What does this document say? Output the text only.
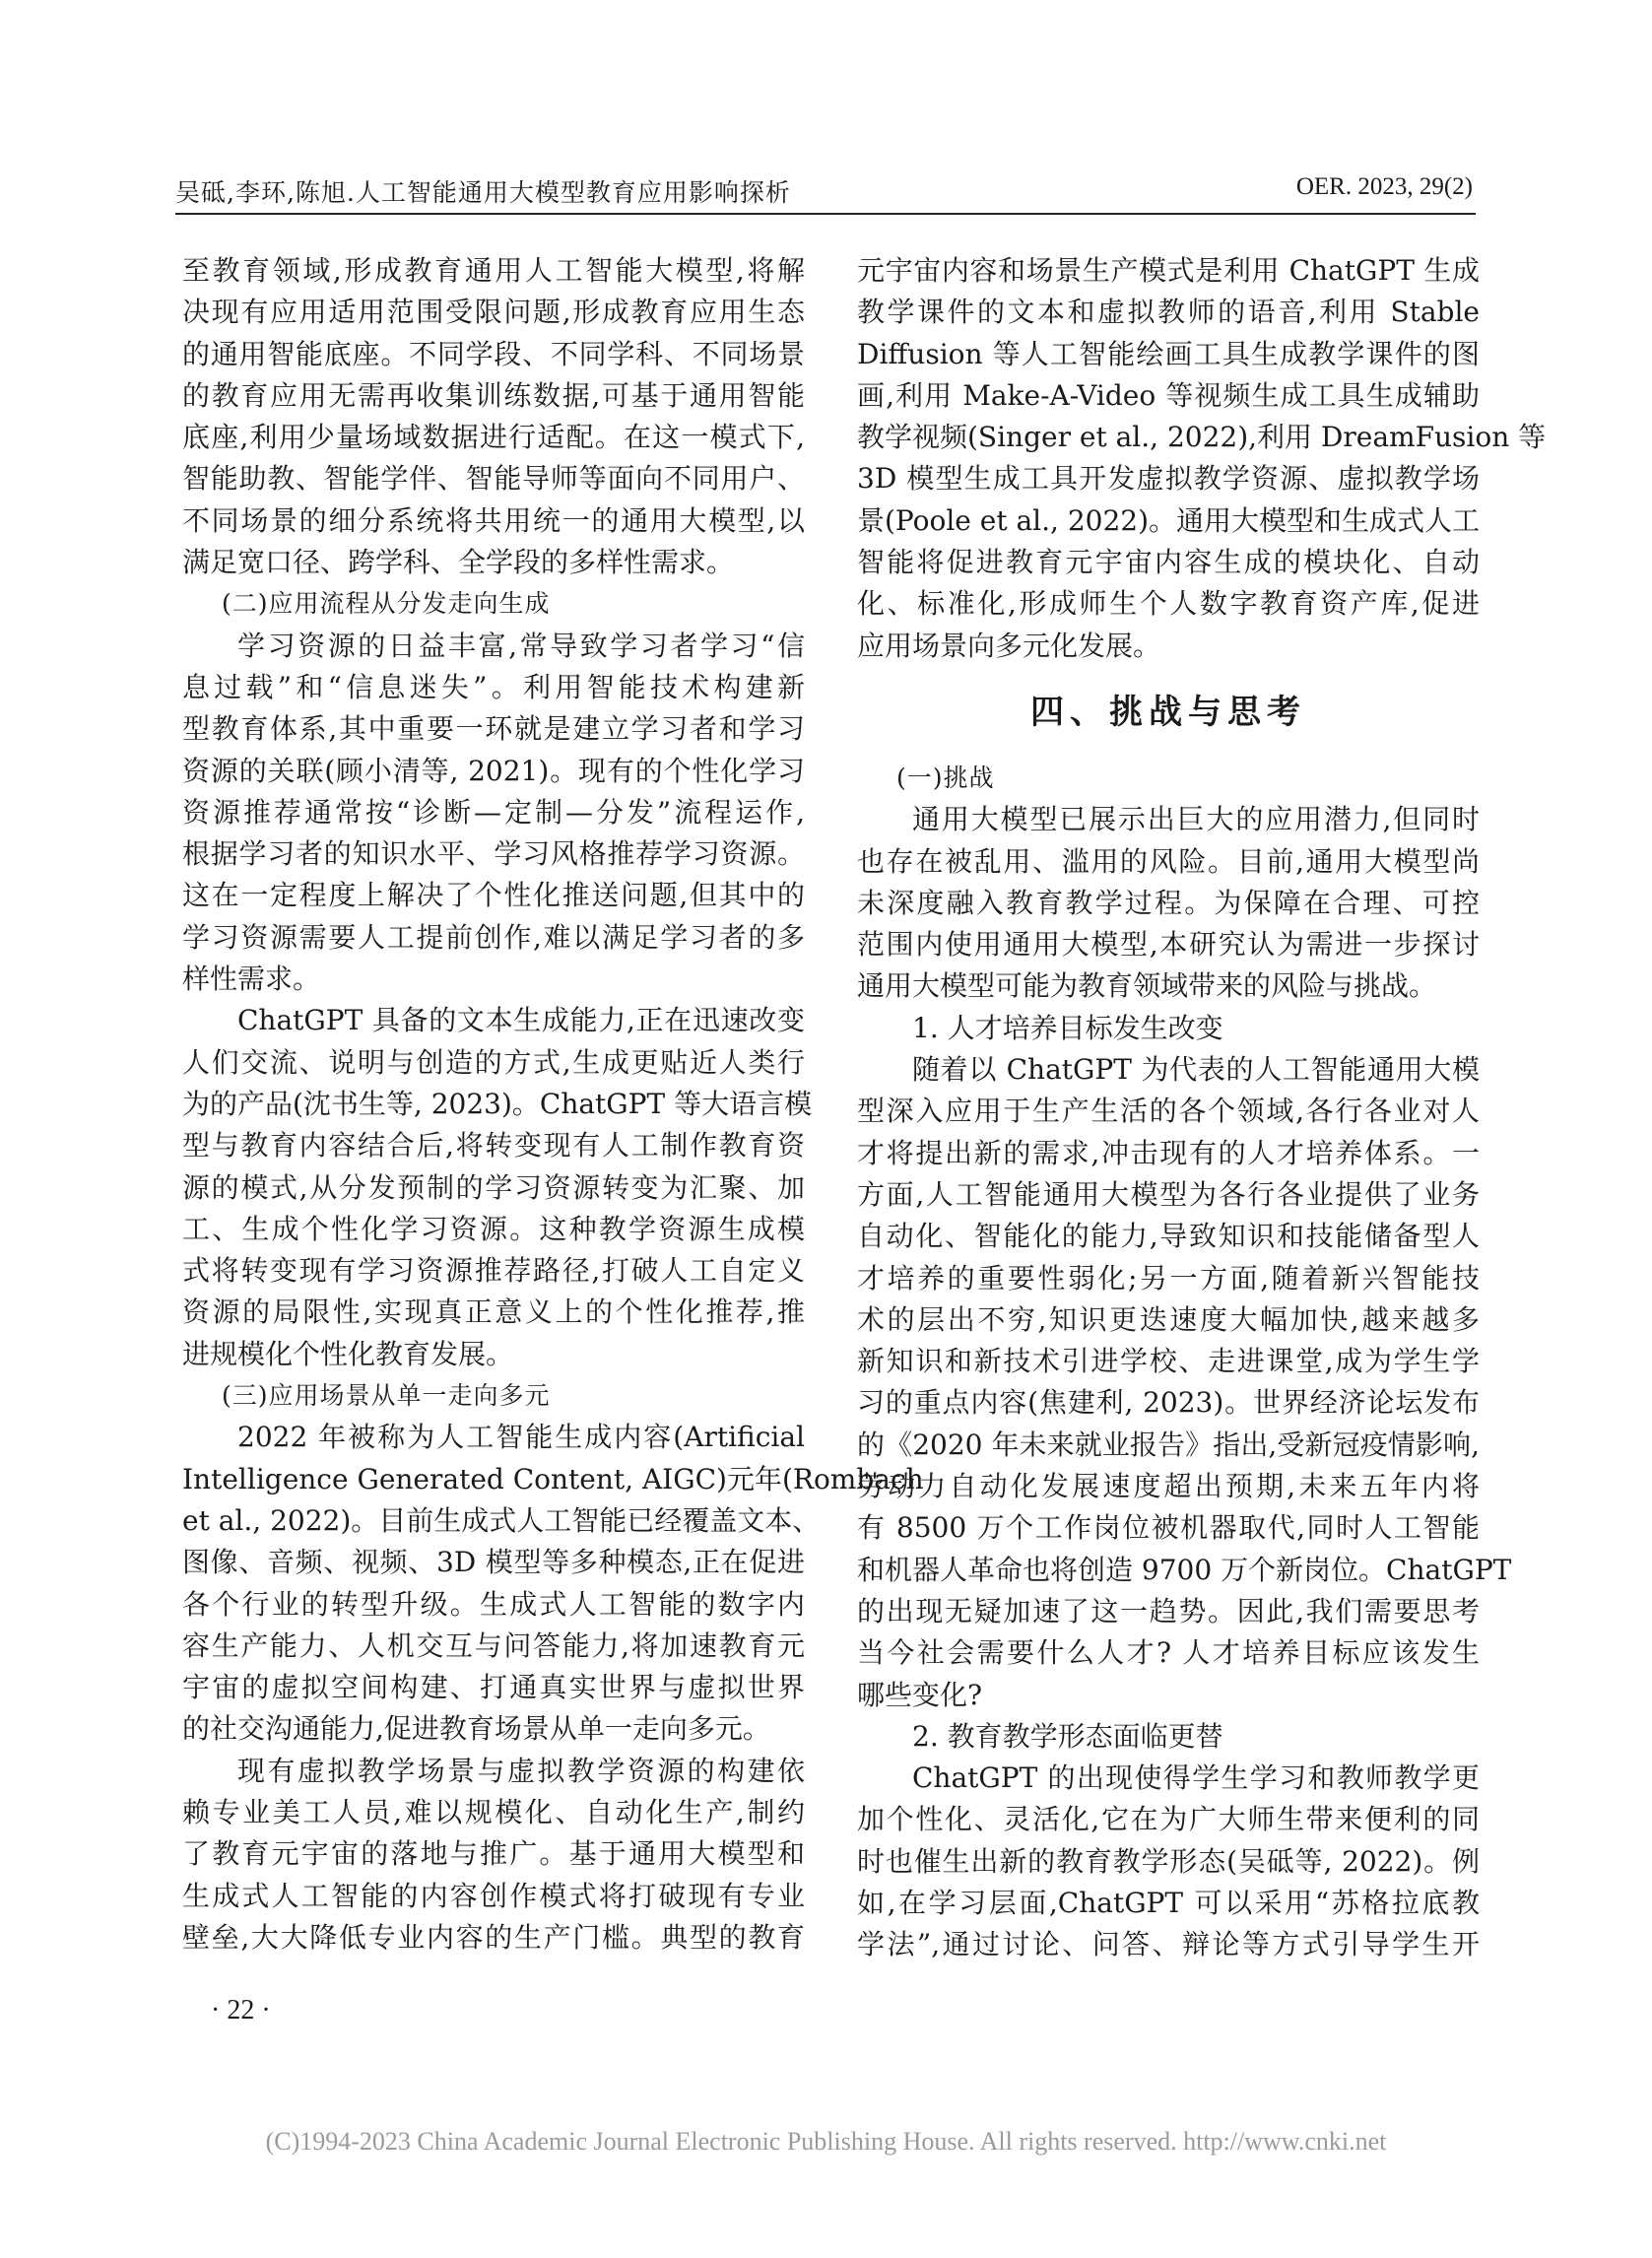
吴砥,李环,陈旭.人工智能通用大模型教育应用影响探析	OER. 2023, 29(2)
至教育领域,形成教育通用人工智能大模型,将解
决现有应用适用范围受限问题,形成教育应用生态
的通用智能底座。不同学段、不同学科、不同场景
的教育应用无需再收集训练数据,可基于通用智能
底座,利用少量场域数据进行适配。在这一模式下,
智能助教、智能学伴、智能导师等面向不同用户、
不同场景的细分系统将共用统一的通用大模型,以
满足宽口径、跨学科、全学段的多样性需求。
(二)应用流程从分发走向生成
学习资源的日益丰富,常导致学习者学习“信
息过载”和“信息迷失”。利用智能技术构建新
型教育体系,其中重要一环就是建立学习者和学习
资源的关联(顾小清等, 2021)。现有的个性化学习
资源推荐通常按“诊断—定制—分发”流程运作,
根据学习者的知识水平、学习风格推荐学习资源。
这在一定程度上解决了个性化推送问题,但其中的
学习资源需要人工提前创作,难以满足学习者的多
样性需求。
ChatGPT 具备的文本生成能力,正在迅速改变
人们交流、说明与创造的方式,生成更贴近人类行
为的产品(沈书生等, 2023)。ChatGPT 等大语言模
型与教育内容结合后,将转变现有人工制作教育资
源的模式,从分发预制的学习资源转变为汇聚、加
工、生成个性化学习资源。这种教学资源生成模
式将转变现有学习资源推荐路径,打破人工自定义
资源的局限性,实现真正意义上的个性化推荐,推
进规模化个性化教育发展。
(三)应用场景从单一走向多元
2022 年被称为人工智能生成内容(Artificial
Intelligence Generated Content, AIGC)元年(Rombach
et al., 2022)。目前生成式人工智能已经覆盖文本、
图像、音频、视频、3D 模型等多种模态,正在促进
各个行业的转型升级。生成式人工智能的数字内
容生产能力、人机交互与问答能力,将加速教育元
宇宙的虚拟空间构建、打通真实世界与虚拟世界
的社交沟通能力,促进教育场景从单一走向多元。
现有虚拟教学场景与虚拟教学资源的构建依
赖专业美工人员,难以规模化、自动化生产,制约
了教育元宇宙的落地与推广。基于通用大模型和
生成式人工智能的内容创作模式将打破现有专业
壁垒,大大降低专业内容的生产门槛。典型的教育
元宇宙内容和场景生产模式是利用 ChatGPT 生成
教学课件的文本和虚拟教师的语音,利用 Stable
Diffusion 等人工智能绘画工具生成教学课件的图
画,利用 Make-A-Video 等视频生成工具生成辅助
教学视频(Singer et al., 2022),利用 DreamFusion 等
3D 模型生成工具开发虚拟教学资源、虚拟教学场
景(Poole et al., 2022)。通用大模型和生成式人工
智能将促进教育元宇宙内容生成的模块化、自动
化、标准化,形成师生个人数字教育资产库,促进
应用场景向多元化发展。
四、挑战与思考
(一)挑战
通用大模型已展示出巨大的应用潜力,但同时
也存在被乱用、滥用的风险。目前,通用大模型尚
未深度融入教育教学过程。为保障在合理、可控
范围内使用通用大模型,本研究认为需进一步探讨
通用大模型可能为教育领域带来的风险与挑战。
1. 人才培养目标发生改变
随着以 ChatGPT 为代表的人工智能通用大模
型深入应用于生产生活的各个领域,各行各业对人
才将提出新的需求,冲击现有的人才培养体系。一
方面,人工智能通用大模型为各行各业提供了业务
自动化、智能化的能力,导致知识和技能储备型人
才培养的重要性弱化;另一方面,随着新兴智能技
术的层出不穷,知识更迭速度大幅加快,越来越多
新知识和新技术引进学校、走进课堂,成为学生学
习的重点内容(焦建利, 2023)。世界经济论坛发布
的《2020 年未来就业报告》指出,受新冠疫情影响,
劳动力自动化发展速度超出预期,未来五年内将
有 8500 万个工作岗位被机器取代,同时人工智能
和机器人革命也将创造 9700 万个新岗位。ChatGPT
的出现无疑加速了这一趋势。因此,我们需要思考
当今社会需要什么人才? 人才培养目标应该发生
哪些变化?
2. 教育教学形态面临更替
ChatGPT 的出现使得学生学习和教师教学更
加个性化、灵活化,它在为广大师生带来便利的同
时也催生出新的教育教学形态(吴砥等, 2022)。例
如,在学习层面,ChatGPT 可以采用“苏格拉底教
学法”,通过讨论、问答、辩论等方式引导学生开
· 22 ·
(C)1994-2023 China Academic Journal Electronic Publishing House. All rights reserved. http://www.cnki.net
